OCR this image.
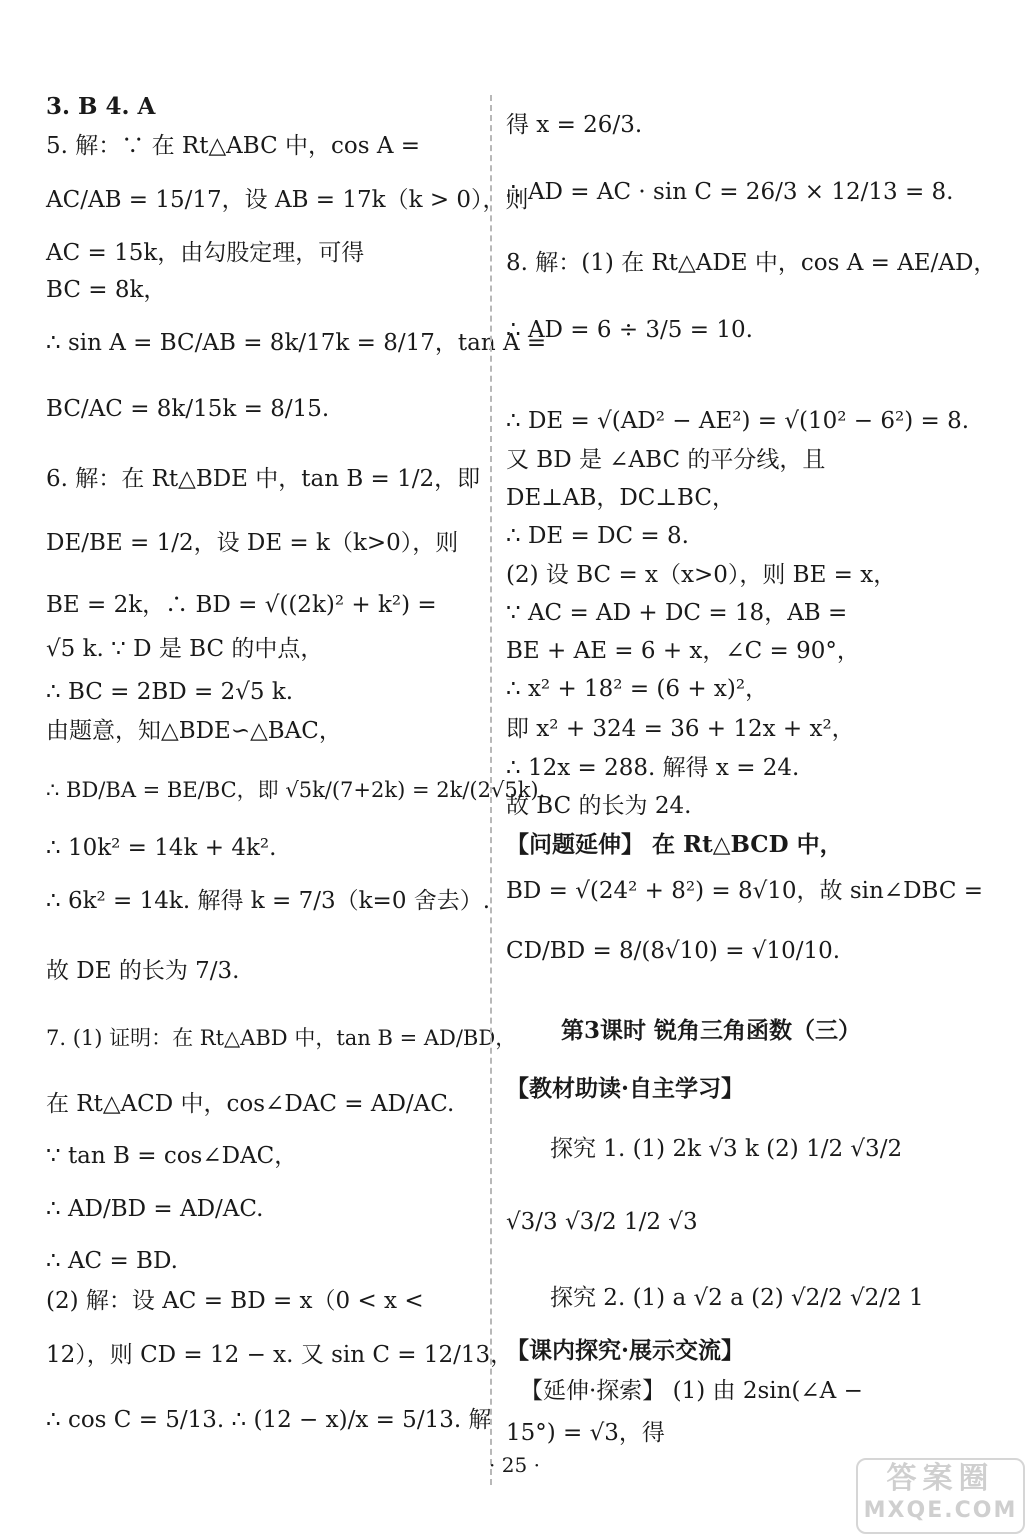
3. B 4. A
5. 解：∵ 在 Rt△ABC 中，cos A =
AC/AB = 15/17，设 AB = 17k（k > 0），则
AC = 15k，由勾股定理，可得
BC = 8k，
∴ sin A = BC/AB = 8k/17k = 8/17，tan A =
BC/AC = 8k/15k = 8/15.
6. 解：在 Rt△BDE 中，tan B = 1/2，即
DE/BE = 1/2，设 DE = k（k>0），则
BE = 2k，∴ BD = √((2k)² + k²) =
√5 k. ∵ D 是 BC 的中点，
∴ BC = 2BD = 2√5 k.
由题意，知△BDE∽△BAC，
∴ BD/BA = BE/BC，即 √5k/(7+2k) = 2k/(2√5k).
∴ 10k² = 14k + 4k².
∴ 6k² = 14k. 解得 k = 7/3（k=0 舍去）.
故 DE 的长为 7/3.
7. (1) 证明：在 Rt△ABD 中，tan B = AD/BD，
在 Rt△ACD 中，cos∠DAC = AD/AC.
∵ tan B = cos∠DAC，
∴ AD/BD = AD/AC.
∴ AC = BD.
(2) 解：设 AC = BD = x（0 < x <
12），则 CD = 12 − x. 又 sin C = 12/13，
∴ cos C = 5/13. ∴ (12 − x)/x = 5/13. 解
得 x = 26/3.
∴ AD = AC · sin C = 26/3 × 12/13 = 8.
8. 解：(1) 在 Rt△ADE 中，cos A = AE/AD，
∴ AD = 6 ÷ 3/5 = 10.
∴ DE = √(AD² − AE²) = √(10² − 6²) = 8.
又 BD 是 ∠ABC 的平分线，且
DE⊥AB，DC⊥BC，
∴ DE = DC = 8.
(2) 设 BC = x（x>0），则 BE = x，
∵ AC = AD + DC = 18，AB =
BE + AE = 6 + x，∠C = 90°，
∴ x² + 18² = (6 + x)²，
即 x² + 324 = 36 + 12x + x²，
∴ 12x = 288. 解得 x = 24.
故 BC 的长为 24.
【问题延伸】 在 Rt△BCD 中，
BD = √(24² + 8²) = 8√10，故 sin∠DBC =
CD/BD = 8/(8√10) = √10/10.
第3课时 锐角三角函数（三）
【教材助读·自主学习】
探究 1. (1) 2k √3 k (2) 1/2 √3/2
√3/3 √3/2 1/2 √3
探究 2. (1) a √2 a (2) √2/2 √2/2 1
【课内探究·展示交流】
【延伸·探索】 (1) 由 2sin(∠A −
15°) = √3，得
· 25 ·	答案圈
MXQE.COM
